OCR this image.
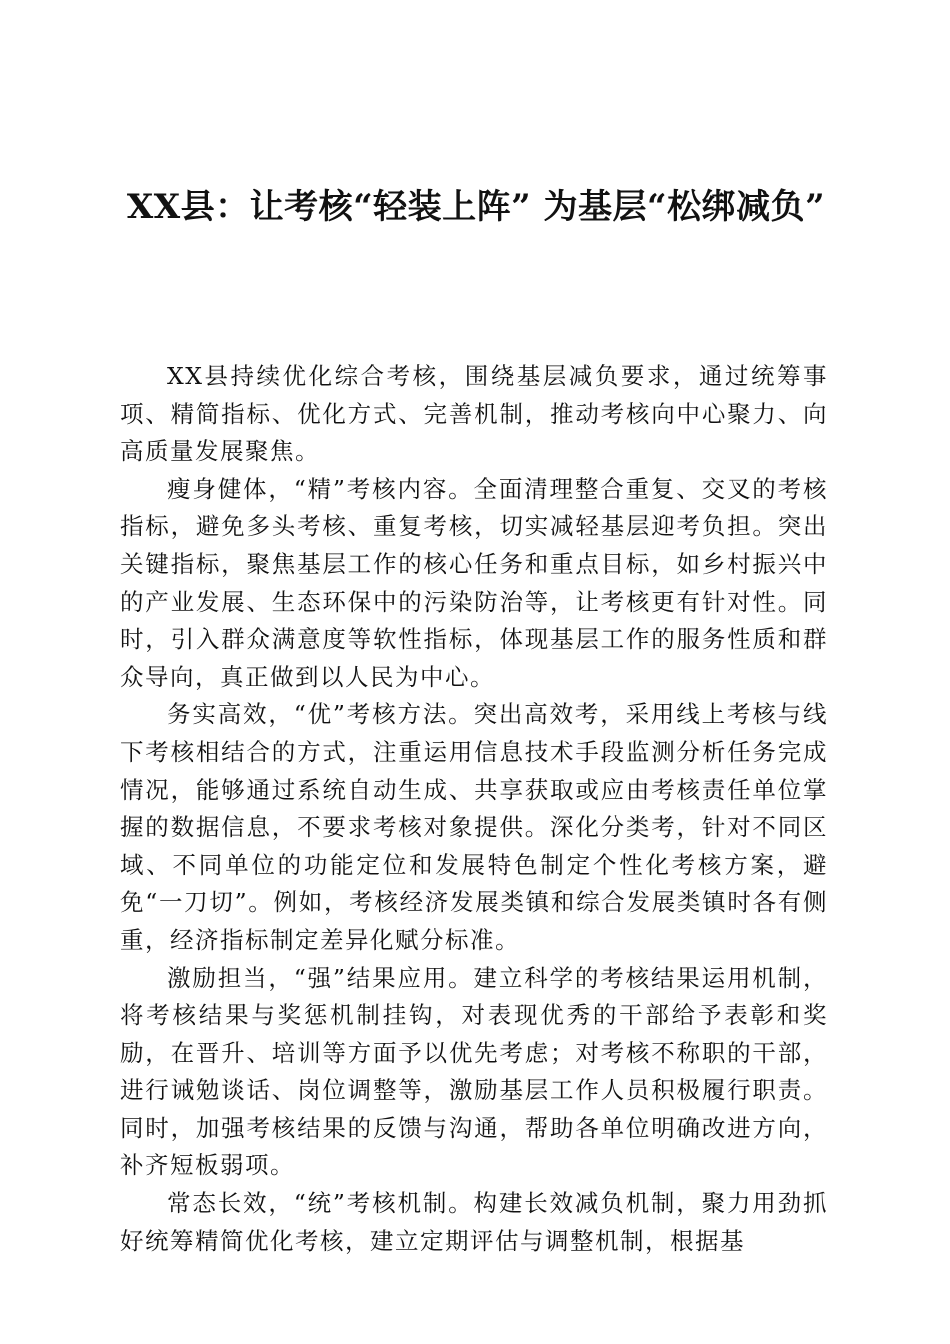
XX县：让考核“轻装上阵” 为基层“松绑减负”

XX县持续优化综合考核，围绕基层减负要求，通过统筹事项、精简指标、优化方式、完善机制，推动考核向中心聚力、向高质量发展聚焦。

瘦身健体，“精”考核内容。全面清理整合重复、交叉的考核指标，避免多头考核、重复考核，切实减轻基层迎考负担。突出关键指标，聚焦基层工作的核心任务和重点目标，如乡村振兴中的产业发展、生态环保中的污染防治等，让考核更有针对性。同时，引入群众满意度等软性指标，体现基层工作的服务性质和群众导向，真正做到以人民为中心。

务实高效，“优”考核方法。突出高效考，采用线上考核与线下考核相结合的方式，注重运用信息技术手段监测分析任务完成情况，能够通过系统自动生成、共享获取或应由考核责任单位掌握的数据信息，不要求考核对象提供。深化分类考，针对不同区域、不同单位的功能定位和发展特色制定个性化考核方案，避免“一刀切”。例如，考核经济发展类镇和综合发展类镇时各有侧重，经济指标制定差异化赋分标准。

激励担当，“强”结果应用。建立科学的考核结果运用机制，将考核结果与奖惩机制挂钩，对表现优秀的干部给予表彰和奖励，在晋升、培训等方面予以优先考虑；对考核不称职的干部，进行诫勉谈话、岗位调整等，激励基层工作人员积极履行职责。同时，加强考核结果的反馈与沟通，帮助各单位明确改进方向，补齐短板弱项。

常态长效，“统”考核机制。构建长效减负机制，聚力用劲抓好统筹精简优化考核，建立定期评估与调整机制，根据基
